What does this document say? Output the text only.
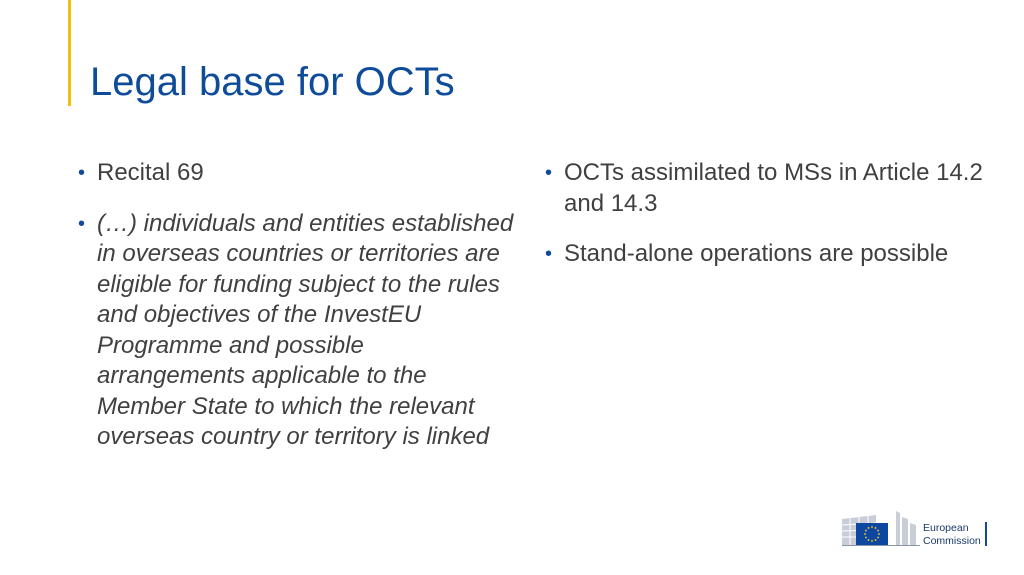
Legal base for OCTs
• Recital 69
• (…) individuals and entities established in overseas countries or territories are eligible for funding subject to the rules and objectives of the InvestEU Programme and possible arrangements applicable to the Member State to which the relevant overseas country or territory is linked
• OCTs assimilated to MSs in Article 14.2 and 14.3
• Stand-alone operations are possible
European
Commission
